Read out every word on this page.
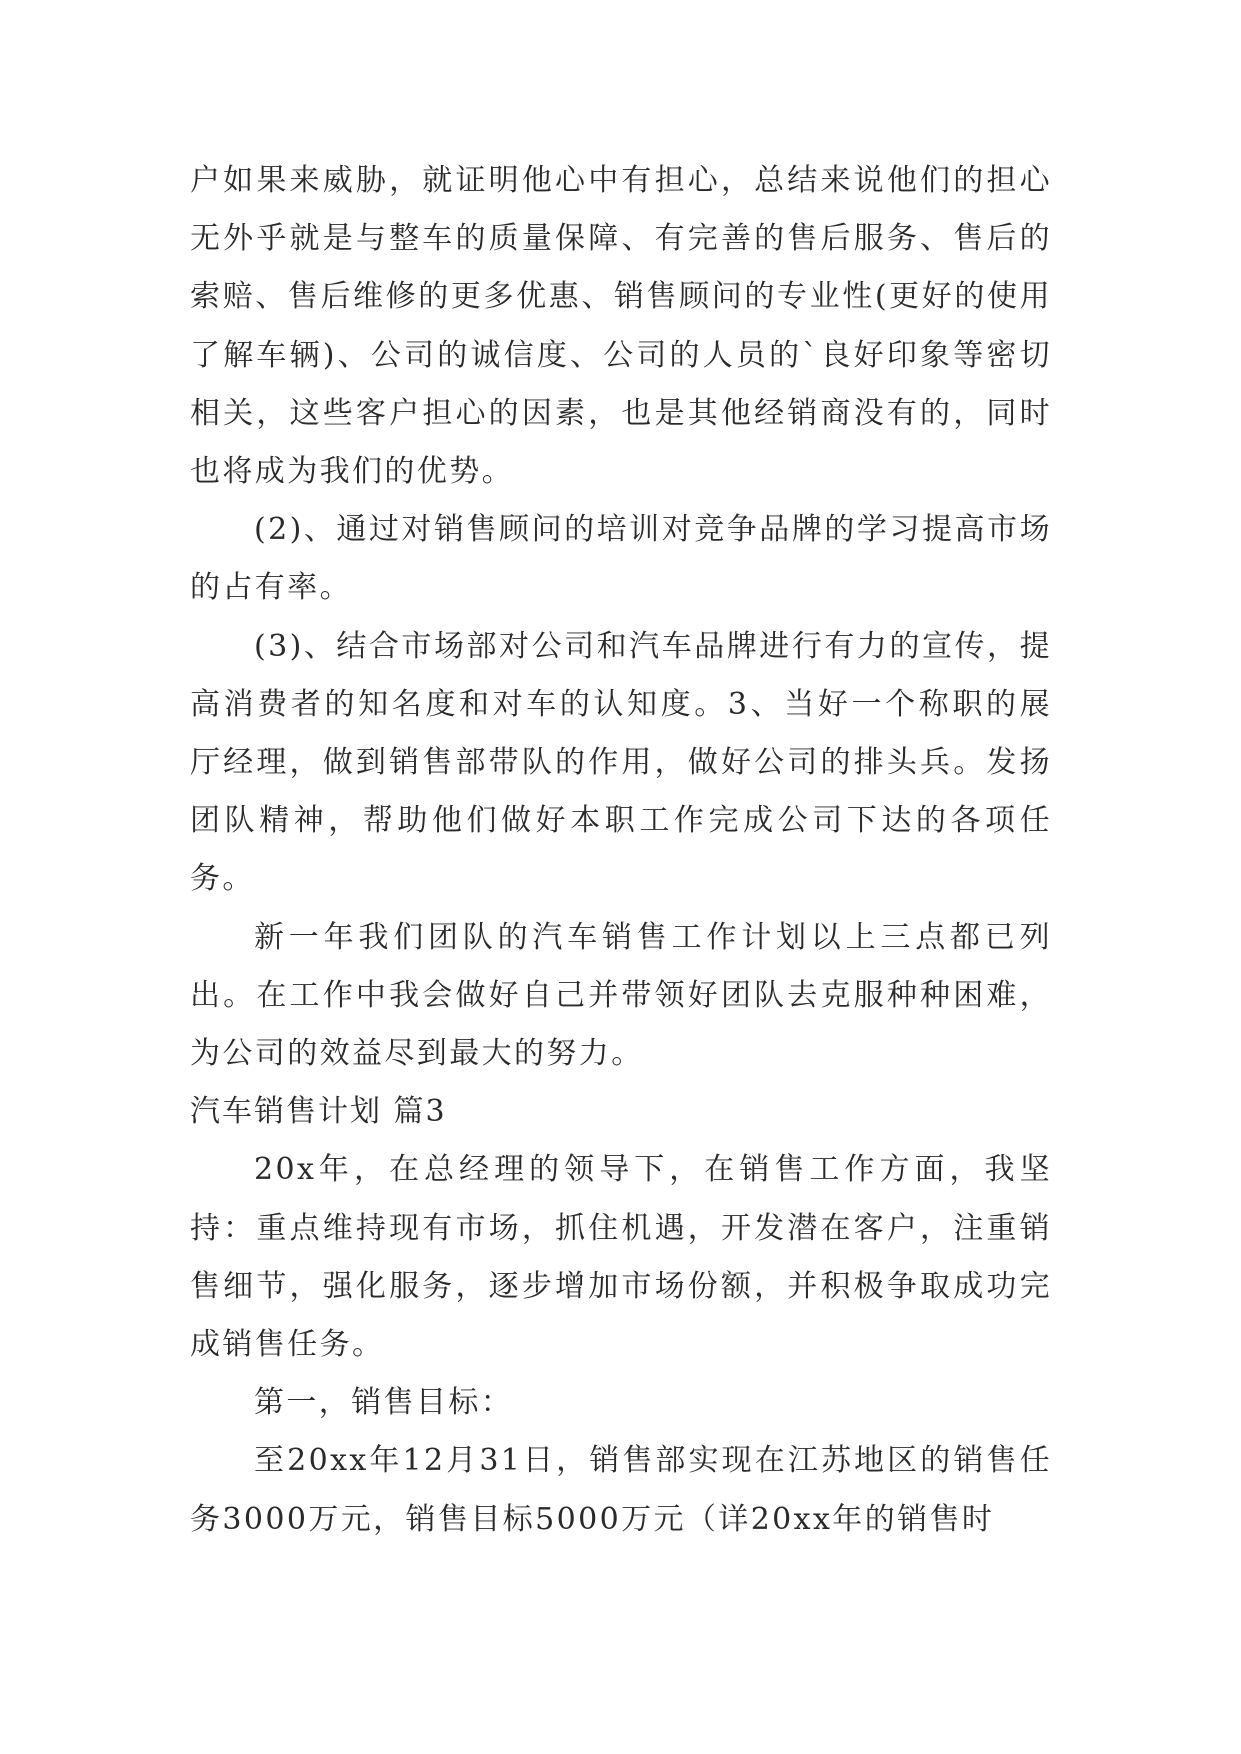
户如果来威胁，就证明他心中有担心，总结来说他们的担心无外乎就是与整车的质量保障、有完善的售后服务、售后的索赔、售后维修的更多优惠、销售顾问的专业性(更好的使用了解车辆)、公司的诚信度、公司的人员的`良好印象等密切相关，这些客户担心的因素，也是其他经销商没有的，同时也将成为我们的优势。

(2)、通过对销售顾问的培训对竞争品牌的学习提高市场的占有率。

(3)、结合市场部对公司和汽车品牌进行有力的宣传，提高消费者的知名度和对车的认知度。3、当好一个称职的展厅经理，做到销售部带队的作用，做好公司的排头兵。发扬团队精神，帮助他们做好本职工作完成公司下达的各项任务。

新一年我们团队的汽车销售工作计划以上三点都已列出。在工作中我会做好自己并带领好团队去克服种种困难，为公司的效益尽到最大的努力。

汽车销售计划 篇3

20x年，在总经理的领导下，在销售工作方面，我坚持：重点维持现有市场，抓住机遇，开发潜在客户，注重销售细节，强化服务，逐步增加市场份额，并积极争取成功完成销售任务。

第一，销售目标：

至20xx年12月31日，销售部实现在江苏地区的销售任务3000万元，销售目标5000万元（详20xx年的销售时
